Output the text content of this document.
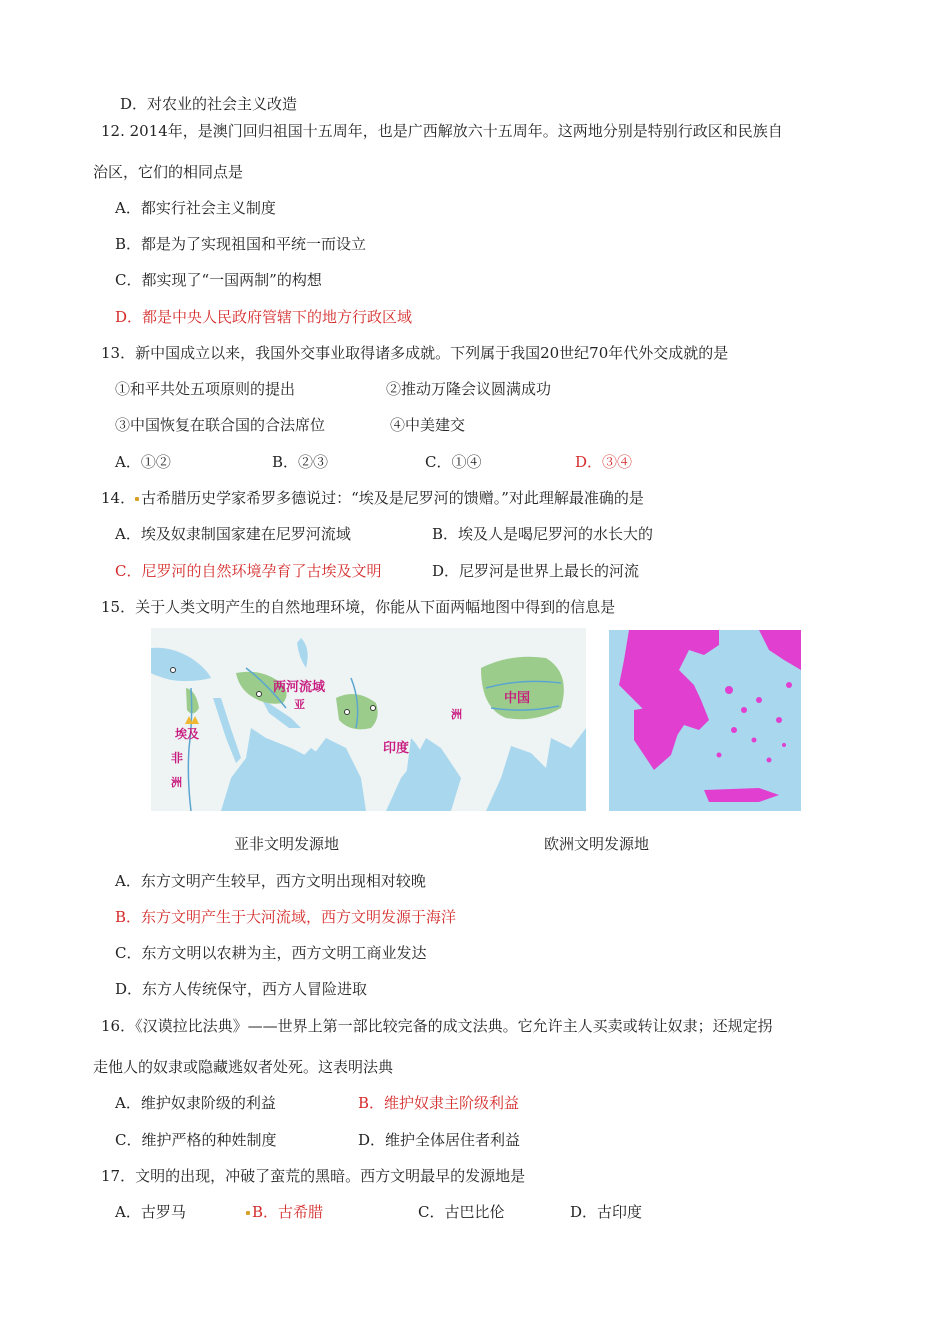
D．对农业的社会主义改造
12. 2014年，是澳门回归祖国十五周年，也是广西解放六十五周年。这两地分别是特别行政区和民族自
治区，它们的相同点是
A．都实行社会主义制度
B．都是为了实现祖国和平统一而设立
C．都实现了“一国两制”的构想
D．都是中央人民政府管辖下的地方行政区域
13．新中国成立以来，我国外交事业取得诸多成就。下列属于我国20世纪70年代外交成就的是
①和平共处五项原则的提出	②推动万隆会议圆满成功
③中国恢复在联合国的合法席位	④中美建交
A．①②	B．②③	C．①④	D．③④
14． 古希腊历史学家希罗多德说过：“埃及是尼罗河的馈赠。”对此理解最准确的是
A．埃及奴隶制国家建在尼罗河流域	B．埃及人是喝尼罗河的水长大的
C．尼罗河的自然环境孕育了古埃及文明	D．尼罗河是世界上最长的河流
15．关于人类文明产生的自然地理环境，你能从下面两幅地图中得到的信息是
两河流域
亚
埃及
非
洲
印度
中国
洲
亚非文明发源地	欧洲文明发源地
A．东方文明产生较早，西方文明出现相对较晚
B．东方文明产生于大河流域，西方文明发源于海洋
C．东方文明以农耕为主，西方文明工商业发达
D．东方人传统保守，西方人冒险进取
16．《汉谟拉比法典》——世界上第一部比较完备的成文法典。它允许主人买卖或转让奴隶；还规定拐
走他人的奴隶或隐藏逃奴者处死。这表明法典
A．维护奴隶阶级的利益	B．维护奴隶主阶级利益
C．维护严格的种姓制度	D．维护全体居住者利益
17．文明的出现，冲破了蛮荒的黑暗。西方文明最早的发源地是
A．古罗马	B．古希腊	C．古巴比伦	D．古印度
